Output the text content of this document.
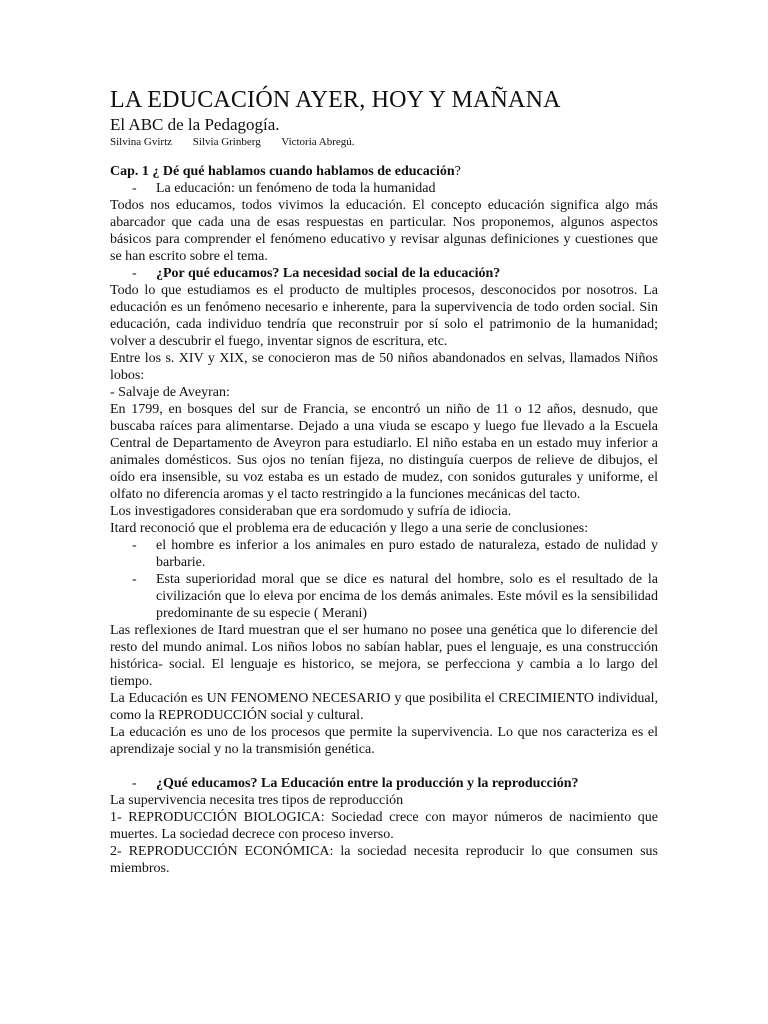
LA EDUCACIÓN AYER, HOY Y MAÑANA
El ABC de la Pedagogía.
Silvina Gvirtz Silvia Grinberg Victoria Abregú.
Cap. 1 ¿ Dé qué hablamos cuando hablamos de educación?
-	La educación: un fenómeno de toda la humanidad

Todos nos educamos, todos vivimos la educación. El concepto educación significa algo más abarcador que cada una de esas respuestas en particular. Nos proponemos, algunos aspectos básicos para comprender el fenómeno educativo y revisar algunas definiciones y cuestiones que se han escrito sobre el tema.

-	¿Por qué educamos? La necesidad social de la educación?

Todo lo que estudiamos es el producto de multiples procesos, desconocidos por nosotros. La educación es un fenómeno necesario e inherente, para la supervivencia de todo orden social. Sin educación, cada individuo tendría que reconstruir por sí solo el patrimonio de la humanidad; volver a descubrir el fuego, inventar signos de escritura, etc.

Entre los s. XIV y XIX, se conocieron mas de 50 niños abandonados en selvas, llamados Niños lobos:

- Salvaje de Aveyran:

En 1799, en bosques del sur de Francia, se encontró un niño de 11 o 12 años, desnudo, que buscaba raíces para alimentarse. Dejado a una viuda se escapo y luego fue llevado a la Escuela Central de Departamento de Aveyron para estudiarlo. El niño estaba en un estado muy inferior a animales domésticos. Sus ojos no tenían fijeza, no distinguía cuerpos de relieve de dibujos, el oído era insensible, su voz estaba es un estado de mudez, con sonidos guturales y uniforme, el olfato no diferencia aromas y el tacto restringido a la funciones mecánicas del tacto.

Los investigadores consideraban que era sordomudo y sufría de idiocia.

Itard reconoció que el problema era de educación y llego a una serie de conclusiones:

-	el hombre es inferior a los animales en puro estado de naturaleza, estado de nulidad y barbarie.
-	Esta superioridad moral que se dice es natural del hombre, solo es el resultado de la civilización que lo eleva por encima de los demás animales. Este móvil es la sensibilidad predominante de su especie ( Merani)

Las reflexiones de Itard muestran que el ser humano no posee una genética que lo diferencie del resto del mundo animal. Los niños lobos no sabían hablar, pues el lenguaje, es una construcción histórica- social. El lenguaje es historico, se mejora, se perfecciona y cambia a lo largo del tiempo.

La Educación es UN FENOMENO NECESARIO y que posibilita el CRECIMIENTO individual, como la REPRODUCCIÓN social y cultural.

La educación es uno de los procesos que permite la supervivencia. Lo que nos caracteriza es el aprendizaje social y no la transmisión genética.

-	¿Qué educamos? La Educación entre la producción y la reproducción?

La supervivencia necesita tres tipos de reproducción

1- REPRODUCCIÓN BIOLOGICA: Sociedad crece con mayor números de nacimiento que muertes. La sociedad decrece con proceso inverso.

2- REPRODUCCIÓN ECONÓMICA: la sociedad necesita reproducir lo que consumen sus miembros.
